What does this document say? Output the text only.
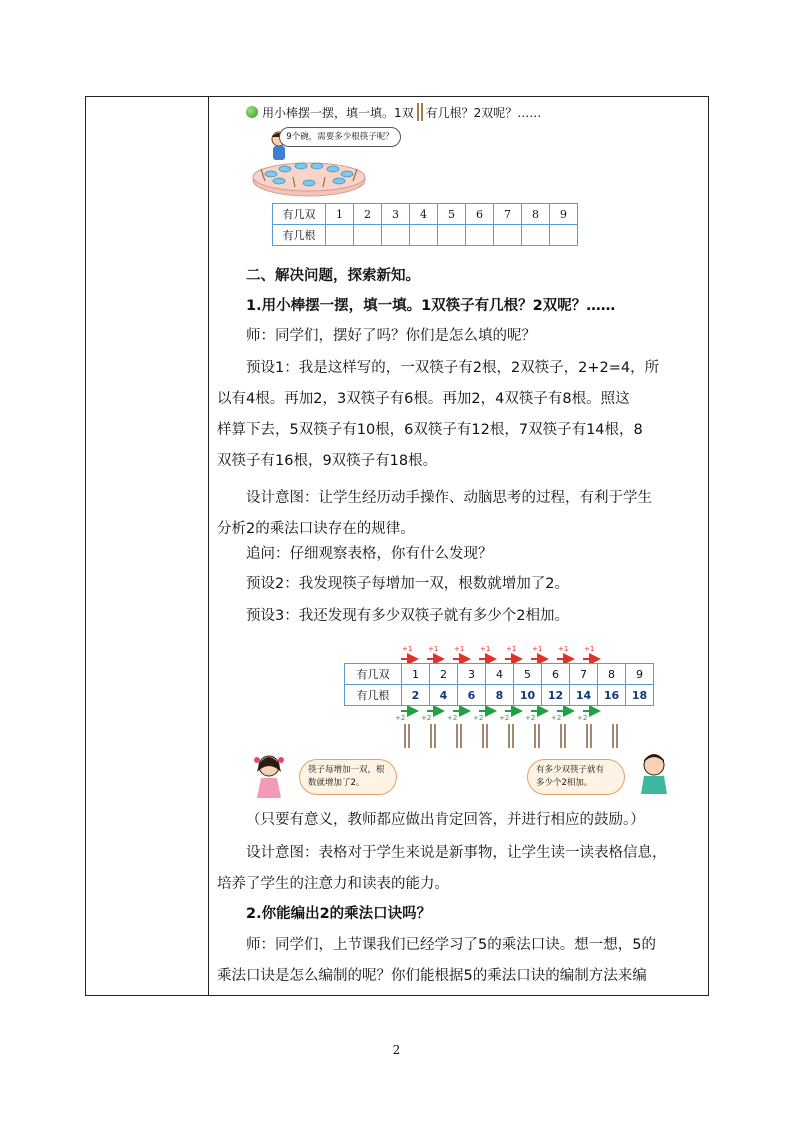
用小棒摆一摆，填一填。1双 有几根？2双呢？……
9个碗，需要多少根筷子呢？
有几双	1	2	3	4	5	6	7	8	9
有几根									
二、解决问题，探索新知。
1.用小棒摆一摆，填一填。1双筷子有几根？2双呢？……
师：同学们，摆好了吗？你们是怎么填的呢？
预设1：我是这样写的，一双筷子有2根，2双筷子，2+2=4，所
以有4根。再加2，3双筷子有6根。再加2，4双筷子有8根。照这
样算下去，5双筷子有10根，6双筷子有12根，7双筷子有14根，8
双筷子有16根，9双筷子有18根。
设计意图：让学生经历动手操作、动脑思考的过程，有利于学生
分析2的乘法口诀存在的规律。
追问：仔细观察表格，你有什么发现？
预设2：我发现筷子每增加一双，根数就增加了2。
预设3：我还发现有多少双筷子就有多少个2相加。
+1 +1 +1 +1 +1 +1 +1 +1
有几双	1	2	3	4	5	6	7	8	9
有几根	2	4	6	8	10	12	14	16	18
+2 +2 +2 +2 +2 +2 +2 +2
筷子每增加一双，根
数就增加了2。
有多少双筷子就有
多少个2相加。
（只要有意义，教师都应做出肯定回答，并进行相应的鼓励。）
设计意图：表格对于学生来说是新事物，让学生读一读表格信息，
培养了学生的注意力和读表的能力。
2.你能编出2的乘法口诀吗？
师：同学们，上节课我们已经学习了5的乘法口诀。想一想，5的
乘法口诀是怎么编制的呢？你们能根据5的乘法口诀的编制方法来编
2
